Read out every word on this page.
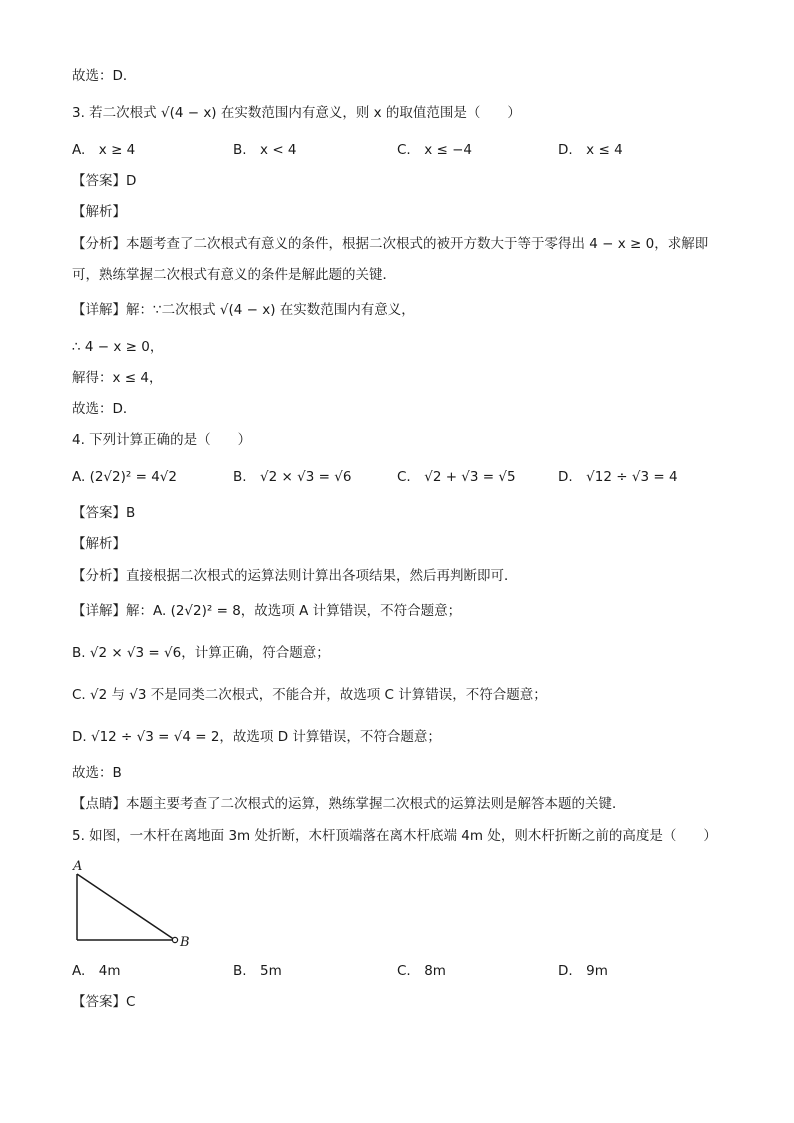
故选：D．
3. 若二次根式 √(4 − x) 在实数范围内有意义，则 x 的取值范围是（　　）
A.　x ≥ 4	B.　x < 4	C.　x ≤ −4	D.　x ≤ 4
【答案】D
【解析】
【分析】本题考查了二次根式有意义的条件，根据二次根式的被开方数大于等于零得出 4 − x ≥ 0，求解即
可，熟练掌握二次根式有意义的条件是解此题的关键．
【详解】解：∵二次根式 √(4 − x) 在实数范围内有意义，
∴ 4 − x ≥ 0，
解得：x ≤ 4，
故选：D．
4. 下列计算正确的是（　　）
A. (2√2)² = 4√2	B.　√2 × √3 = √6	C.　√2 + √3 = √5	D.　√12 ÷ √3 = 4
【答案】B
【解析】
【分析】直接根据二次根式的运算法则计算出各项结果，然后再判断即可．
【详解】解：A. (2√2)² = 8，故选项 A 计算错误，不符合题意；
B. √2 × √3 = √6，计算正确，符合题意；
C. √2 与 √3 不是同类二次根式，不能合并，故选项 C 计算错误，不符合题意；
D. √12 ÷ √3 = √4 = 2，故选项 D 计算错误，不符合题意；
故选：B
【点睛】本题主要考查了二次根式的运算，熟练掌握二次根式的运算法则是解答本题的关键．
5. 如图，一木杆在离地面 3m 处折断，木杆顶端落在离木杆底端 4m 处，则木杆折断之前的高度是（　　）
A
B
A.　4m	B.　5m	C.　8m	D.　9m
【答案】C
